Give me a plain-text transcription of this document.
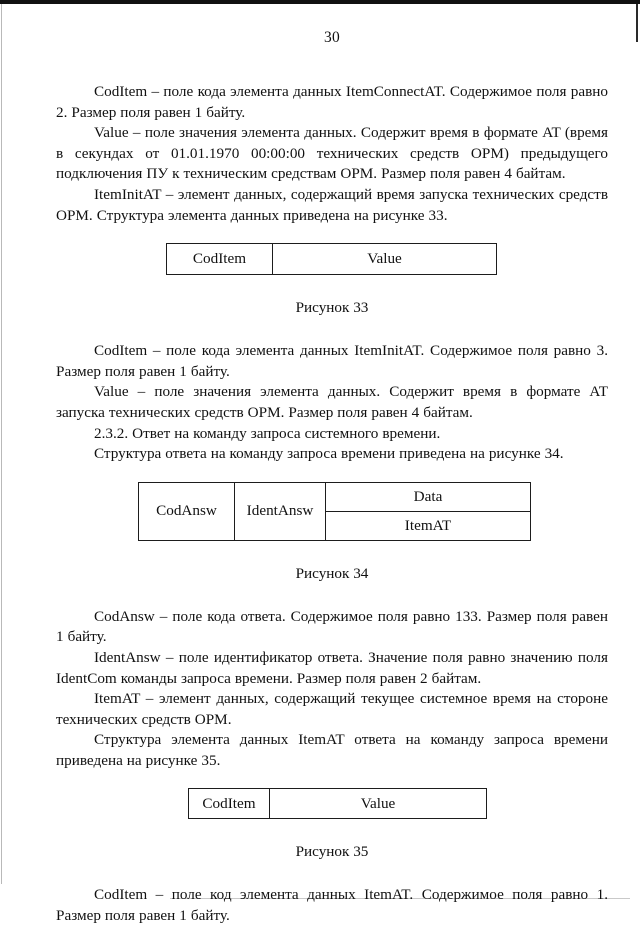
30

CodItem – поле кода элемента данных ItemConnectAT. Содержимое поля равно 2. Размер поля равен 1 байту.

Value – поле значения элемента данных. Содержит время в формате AT (время в секундах от 01.01.1970 00:00:00 технических средств ОРМ) предыдущего подключения ПУ к техническим средствам ОРМ. Размер поля равен 4 байтам.

ItemInitAT – элемент данных, содержащий время запуска технических средств ОРМ. Структура элемента данных приведена на рисунке 33.

CodItem	Value
Рисунок 33

CodItem – поле кода элемента данных ItemInitAT. Содержимое поля равно 3. Размер поля равен 1 байту.

Value – поле значения элемента данных. Содержит время в формате AT запуска технических средств ОРМ. Размер поля равен 4 байтам.

2.3.2. Ответ на команду запроса системного времени.

Структура ответа на команду запроса времени приведена на рисунке 34.

CodAnsw	IdentAnsw	Data
ItemAT
Рисунок 34

CodAnsw – поле кода ответа. Содержимое поля равно 133. Размер поля равен 1 байту.

IdentAnsw – поле идентификатор ответа. Значение поля равно значению поля IdentCom команды запроса времени. Размер поля равен 2 байтам.

ItemAT – элемент данных, содержащий текущее системное время на стороне технических средств ОРМ.

Структура элемента данных ItemAT ответа на команду запроса времени приведена на рисунке 35.

CodItem	Value
Рисунок 35

CodItem – поле код элемента данных ItemAT. Содержимое поля равно 1. Размер поля равен 1 байту.
